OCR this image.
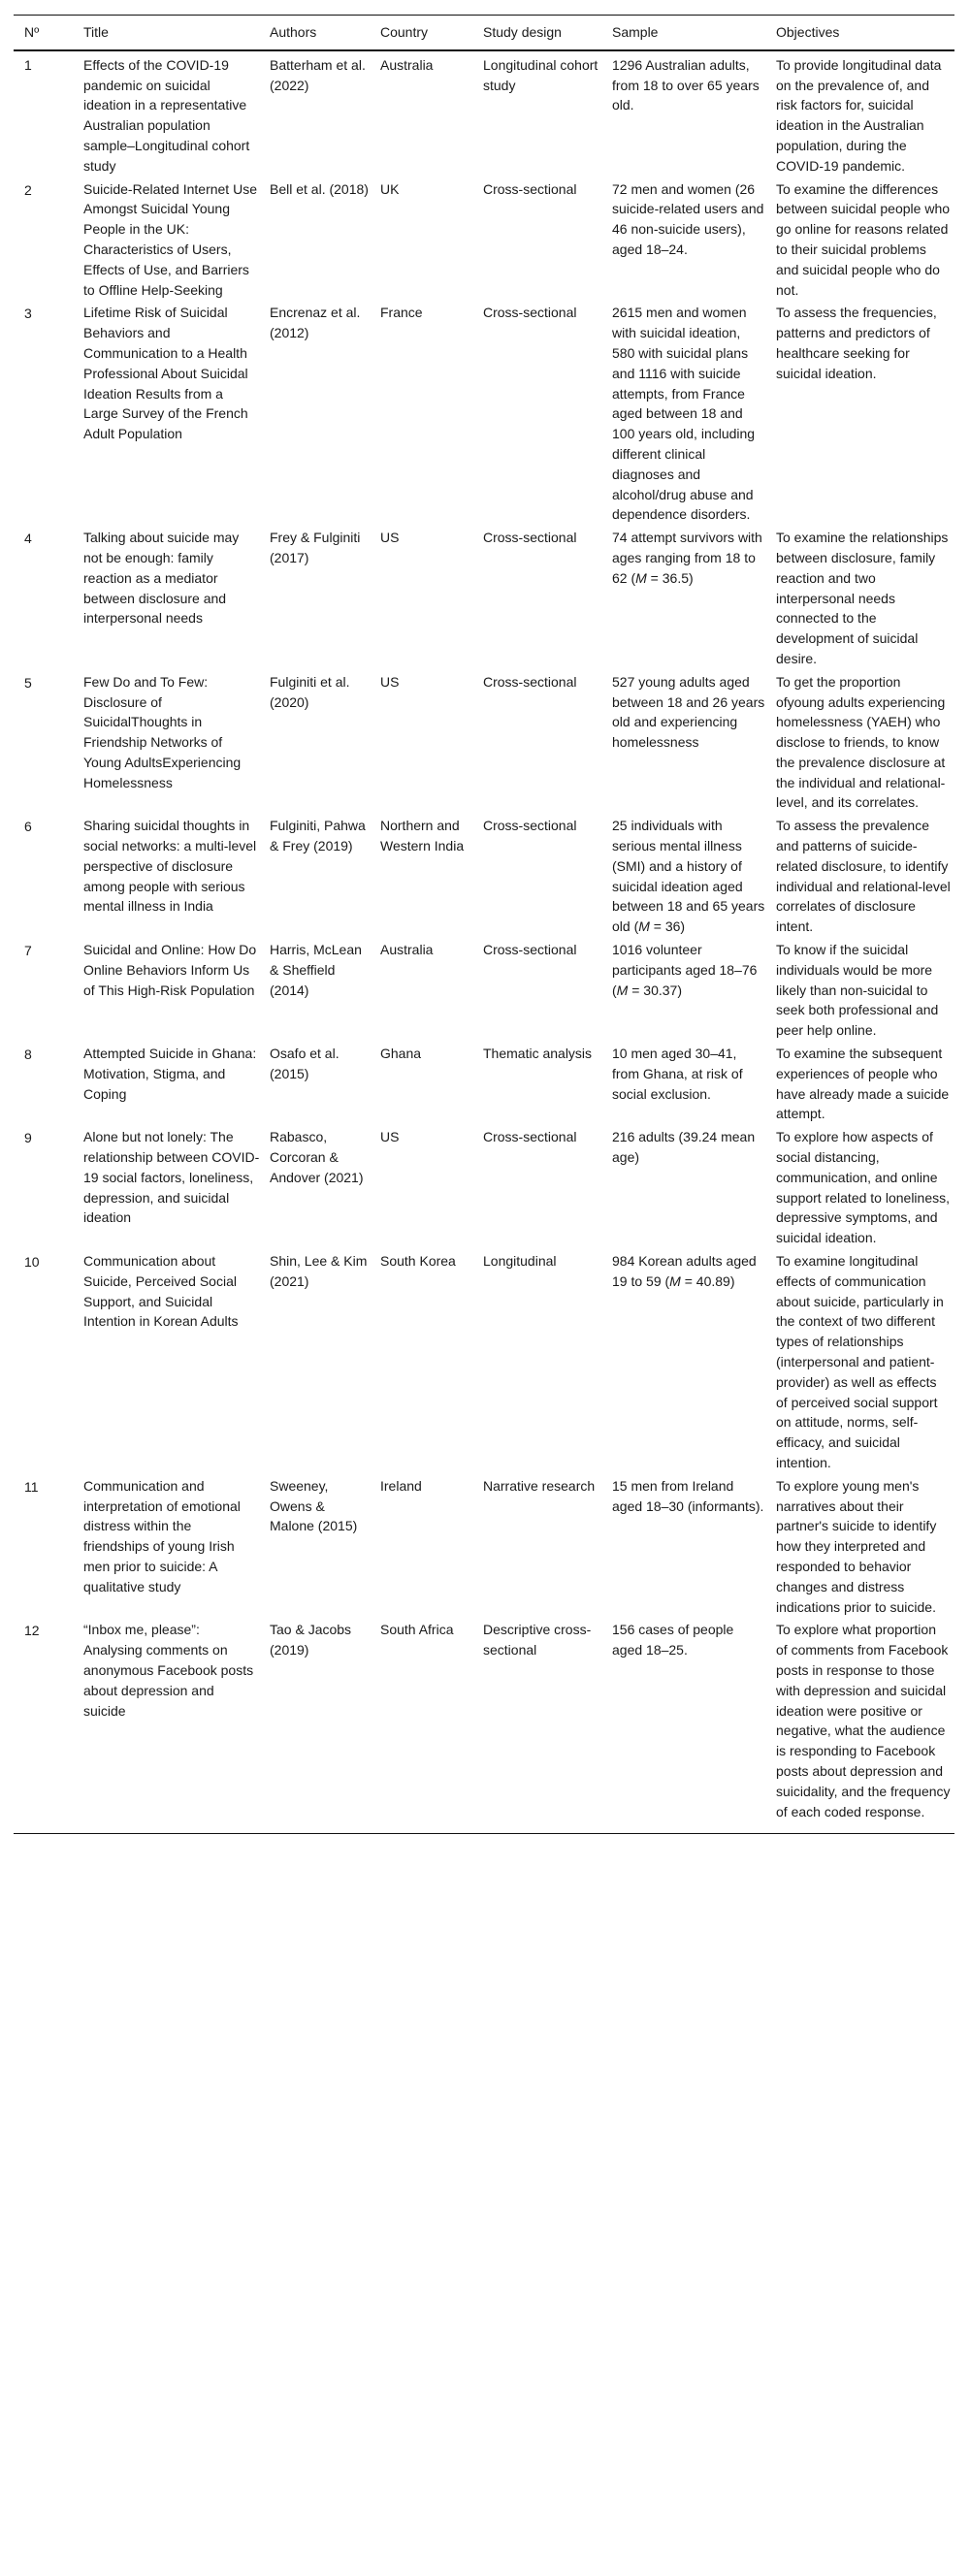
Nº	Title	Authors	Country	Study design	Sample	Objectives
1	Effects of the COVID-19 pandemic on suicidal ideation in a representative Australian population sample–Longitudinal cohort study	Batterham et al. (2022)	Australia	Longitudinal cohort study	1296 Australian adults, from 18 to over 65 years old.	To provide longitudinal data on the prevalence of, and risk factors for, suicidal ideation in the Australian population, during the COVID-19 pandemic.
2	Suicide-Related Internet Use Amongst Suicidal Young People in the UK: Characteristics of Users, Effects of Use, and Barriers to Offline Help-Seeking	Bell et al. (2018)	UK	Cross-sectional	72 men and women (26 suicide-related users and 46 non-suicide users), aged 18–24.	To examine the differences between suicidal people who go online for reasons related to their suicidal problems and suicidal people who do not.
3	Lifetime Risk of Suicidal Behaviors and Communication to a Health Professional About Suicidal Ideation Results from a Large Survey of the French Adult Population	Encrenaz et al. (2012)	France	Cross-sectional	2615 men and women with suicidal ideation, 580 with suicidal plans and 1116 with suicide attempts, from France aged between 18 and 100 years old, including different clinical diagnoses and alcohol/drug abuse and dependence disorders.	To assess the frequencies, patterns and predictors of healthcare seeking for suicidal ideation.
4	Talking about suicide may not be enough: family reaction as a mediator between disclosure and interpersonal needs	Frey & Fulginiti (2017)	US	Cross-sectional	74 attempt survivors with ages ranging from 18 to 62 (M = 36.5)	To examine the relationships between disclosure, family reaction and two interpersonal needs connected to the development of suicidal desire.
5	Few Do and To Few: Disclosure of SuicidalThoughts in Friendship Networks of Young AdultsExperiencing Homelessness	Fulginiti et al. (2020)	US	Cross-sectional	527 young adults aged between 18 and 26 years old and experiencing homelessness	To get the proportion ofyoung adults experiencing homelessness (YAEH) who disclose to friends, to know the prevalence disclosure at the individual and relational-level, and its correlates.
6	Sharing suicidal thoughts in social networks: a multi-level perspective of disclosure among people with serious mental illness in India	Fulginiti, Pahwa & Frey (2019)	Northern and Western India	Cross-sectional	25 individuals with serious mental illness (SMI) and a history of suicidal ideation aged between 18 and 65 years old (M = 36)	To assess the prevalence and patterns of suicide-related disclosure, to identify individual and relational-level correlates of disclosure intent.
7	Suicidal and Online: How Do Online Behaviors Inform Us of This High-Risk Population	Harris, McLean & Sheffield (2014)	Australia	Cross-sectional	1016 volunteer participants aged 18–76 (M = 30.37)	To know if the suicidal individuals would be more likely than non-suicidal to seek both professional and peer help online.
8	Attempted Suicide in Ghana: Motivation, Stigma, and Coping	Osafo et al. (2015)	Ghana	Thematic analysis	10 men aged 30–41, from Ghana, at risk of social exclusion.	To examine the subsequent experiences of people who have already made a suicide attempt.
9	Alone but not lonely: The relationship between COVID-19 social factors, loneliness, depression, and suicidal ideation	Rabasco, Corcoran & Andover (2021)	US	Cross-sectional	216 adults (39.24 mean age)	To explore how aspects of social distancing, communication, and online support related to loneliness, depressive symptoms, and suicidal ideation.
10	Communication about Suicide, Perceived Social Support, and Suicidal Intention in Korean Adults	Shin, Lee & Kim (2021)	South Korea	Longitudinal	984 Korean adults aged 19 to 59 (M = 40.89)	To examine longitudinal effects of communication about suicide, particularly in the context of two different types of relationships (interpersonal and patient-provider) as well as effects of perceived social support on attitude, norms, self-efficacy, and suicidal intention.
11	Communication and interpretation of emotional distress within the friendships of young Irish men prior to suicide: A qualitative study	Sweeney, Owens & Malone (2015)	Ireland	Narrative research	15 men from Ireland aged 18–30 (informants).	To explore young men's narratives about their partner's suicide to identify how they interpreted and responded to behavior changes and distress indications prior to suicide.
12	“Inbox me, please”: Analysing comments on anonymous Facebook posts about depression and suicide	Tao & Jacobs (2019)	South Africa	Descriptive cross-sectional	156 cases of people aged 18–25.	To explore what proportion of comments from Facebook posts in response to those with depression and suicidal ideation were positive or negative, what the audience is responding to Facebook posts about depression and suicidality, and the frequency of each coded response.
